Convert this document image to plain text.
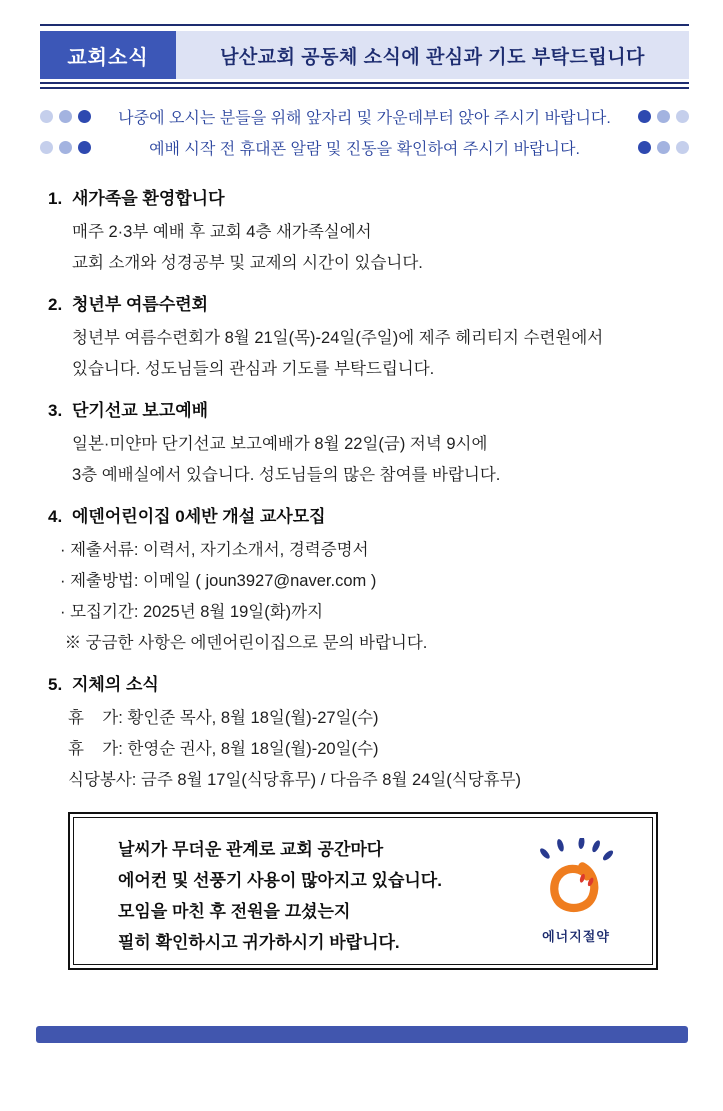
교회소식	남산교회 공동체 소식에 관심과 기도 부탁드립니다
나중에 오시는 분들을 위해 앞자리 및 가운데부터 앉아 주시기 바랍니다.
예배 시작 전 휴대폰 알람 및 진동을 확인하여 주시기 바랍니다.
1. 새가족을 환영합니다
매주 2·3부 예배 후 교회 4층 새가족실에서
교회 소개와 성경공부 및 교제의 시간이 있습니다.
2. 청년부 여름수련회
청년부 여름수련회가 8월 21일(목)-24일(주일)에 제주 헤리티지 수련원에서
있습니다. 성도님들의 관심과 기도를 부탁드립니다.
3. 단기선교 보고예배
일본·미얀마 단기선교 보고예배가 8월 22일(금) 저녁 9시에
3층 예배실에서 있습니다. 성도님들의 많은 참여를 바랍니다.
4. 에덴어린이집 0세반 개설 교사모집
· 제출서류: 이력서, 자기소개서, 경력증명서
· 제출방법: 이메일 ( joun3927@naver.com )
· 모집기간: 2025년 8월 19일(화)까지
※ 궁금한 사항은 에덴어린이집으로 문의 바랍니다.
5. 지체의 소식
휴    가: 황인준 목사, 8월 18일(월)-27일(수)
휴    가: 한영순 권사, 8월 18일(월)-20일(수)
식당봉사: 금주 8월 17일(식당휴무) / 다음주 8월 24일(식당휴무)
날씨가 무더운 관계로 교회 공간마다
에어컨 및 선풍기 사용이 많아지고 있습니다.
모임을 마친 후 전원을 끄셨는지
필히 확인하시고 귀가하시기 바랍니다.	에너지절약
